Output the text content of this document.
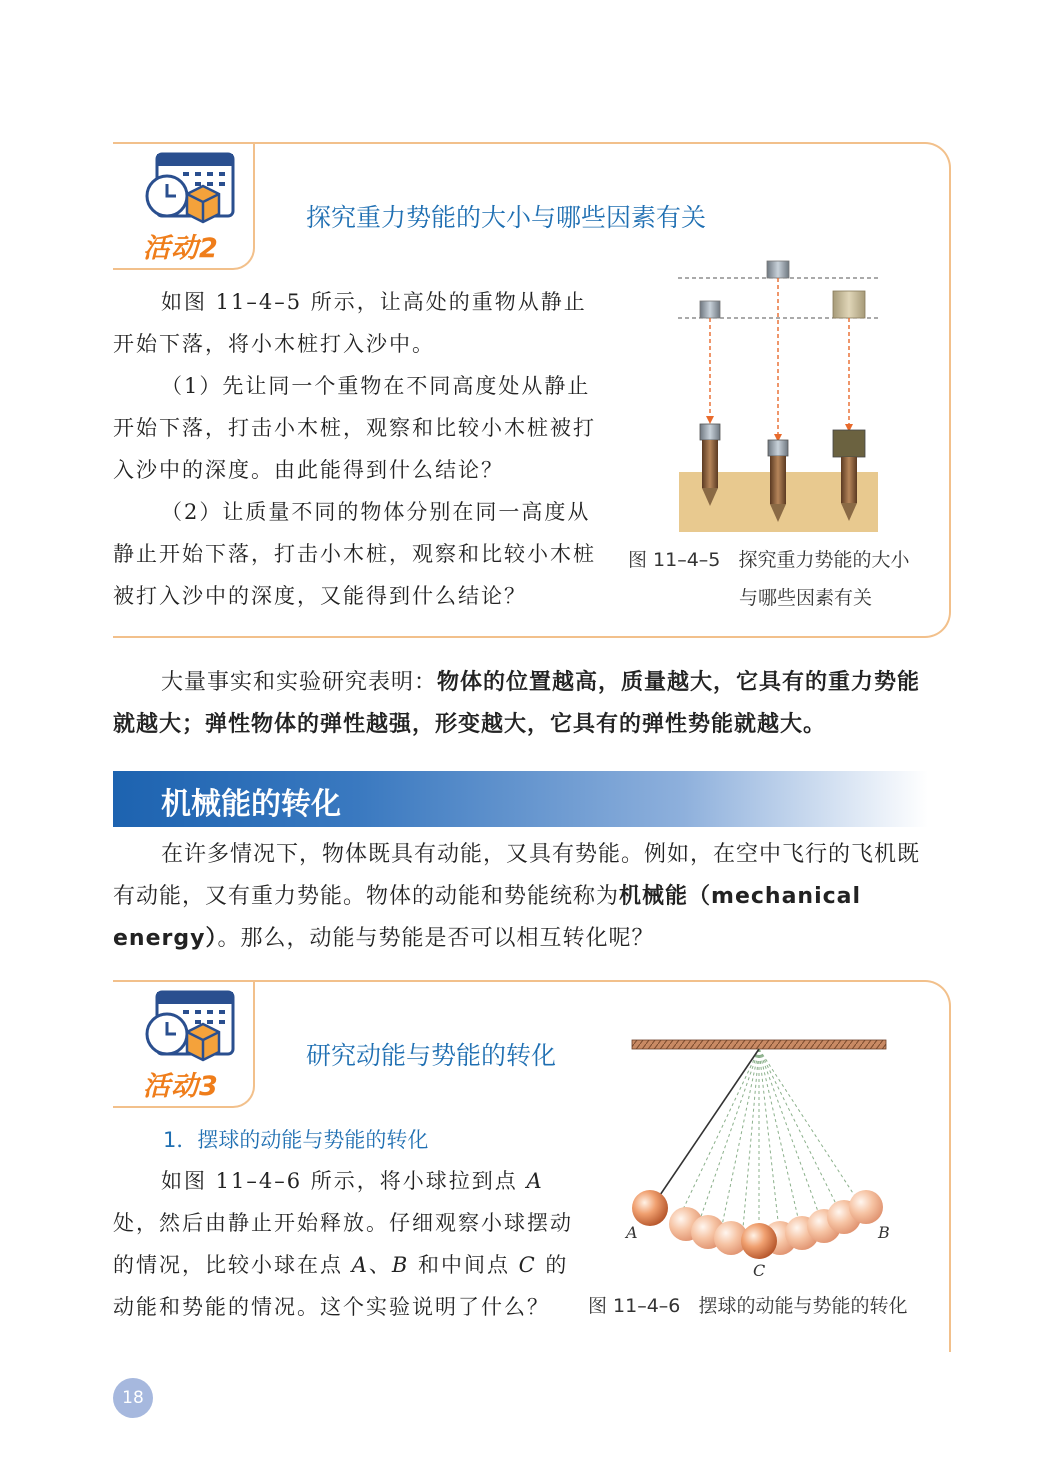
活动2
探究重力势能的大小与哪些因素有关

如图 11–4–5 所示，让高处的重物从静止开始下落，将小木桩打入沙中。

（1）先让同一个重物在不同高度处从静止开始下落，打击小木桩，观察和比较小木桩被打入沙中的深度。由此能得到什么结论？

（2）让质量不同的物体分别在同一高度从静止开始下落，打击小木桩，观察和比较小木桩被打入沙中的深度，又能得到什么结论？

图 11–4–5 探究重力势能的大小
与哪些因素有关

大量事实和实验研究表明：物体的位置越高，质量越大，它具有的重力势能就越大；弹性物体的弹性越强，形变越大，它具有的弹性势能就越大。

机械能的转化

在许多情况下，物体既具有动能，又具有势能。例如，在空中飞行的飞机既有动能，又有重力势能。物体的动能和势能统称为机械能（mechanical energy）。那么，动能与势能是否可以相互转化呢？

活动3
研究动能与势能的转化
1．摆球的动能与势能的转化

如图 11–4–6 所示，将小球拉到点 A 处，然后由静止开始释放。仔细观察小球摆动的情况，比较小球在点 A、B 和中间点 C 的动能和势能的情况。这个实验说明了什么？

A	B
C
图 11–4–6 摆球的动能与势能的转化
18
